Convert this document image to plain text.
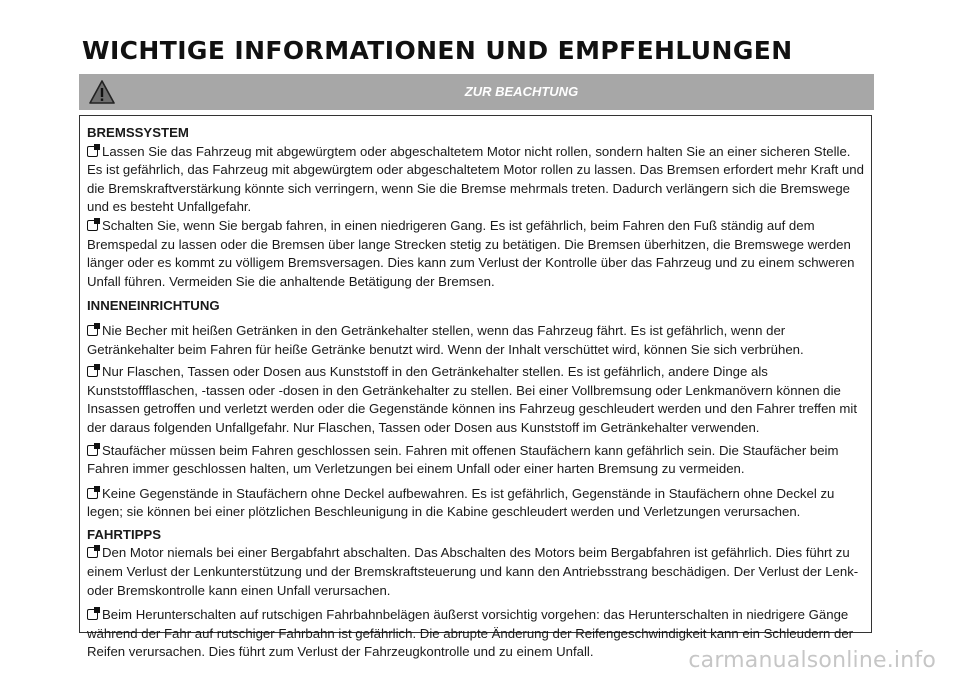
WICHTIGE INFORMATIONEN UND EMPFEHLUNGEN
ZUR BEACHTUNG
BREMSSYSTEM

Lassen Sie das Fahrzeug mit abgewürgtem oder abgeschaltetem Motor nicht rollen, sondern halten Sie an einer sicheren Stelle. Es ist gefährlich, das Fahrzeug mit abgewürgtem oder abgeschaltetem Motor rollen zu lassen. Das Bremsen erfordert mehr Kraft und die Bremskraftverstärkung könnte sich verringern, wenn Sie die Bremse mehrmals treten. Dadurch verlängern sich die Bremswege und es besteht Unfallgefahr.

Schalten Sie, wenn Sie bergab fahren, in einen niedrigeren Gang. Es ist gefährlich, beim Fahren den Fuß ständig auf dem Bremspedal zu lassen oder die Bremsen über lange Strecken stetig zu betätigen. Die Bremsen überhitzen, die Bremswege werden länger oder es kommt zu völligem Bremsversagen. Dies kann zum Verlust der Kontrolle über das Fahrzeug und zu einem schweren Unfall führen. Vermeiden Sie die anhaltende Betätigung der Bremsen.

INNENEINRICHTUNG

Nie Becher mit heißen Getränken in den Getränkehalter stellen, wenn das Fahrzeug fährt. Es ist gefährlich, wenn der Getränkehalter beim Fahren für heiße Getränke benutzt wird. Wenn der Inhalt verschüttet wird, können Sie sich verbrühen.

Nur Flaschen, Tassen oder Dosen aus Kunststoff in den Getränkehalter stellen. Es ist gefährlich, andere Dinge als Kunststoffflaschen, -tassen oder -dosen in den Getränkehalter zu stellen. Bei einer Vollbremsung oder Lenkmanövern können die Insassen getroffen und verletzt werden oder die Gegenstände können ins Fahrzeug geschleudert werden und den Fahrer treffen mit der daraus folgenden Unfallgefahr. Nur Flaschen, Tassen oder Dosen aus Kunststoff im Getränkehalter verwenden.

Staufächer müssen beim Fahren geschlossen sein. Fahren mit offenen Staufächern kann gefährlich sein. Die Staufächer beim Fahren immer geschlossen halten, um Verletzungen bei einem Unfall oder einer harten Bremsung zu vermeiden.

Keine Gegenstände in Staufächern ohne Deckel aufbewahren. Es ist gefährlich, Gegenstände in Staufächern ohne Deckel zu legen; sie können bei einer plötzlichen Beschleunigung in die Kabine geschleudert werden und Verletzungen verursachen.

FAHRTIPPS

Den Motor niemals bei einer Bergabfahrt abschalten. Das Abschalten des Motors beim Bergabfahren ist gefährlich. Dies führt zu einem Verlust der Lenkunterstützung und der Bremskraftsteuerung und kann den Antriebsstrang beschädigen. Der Verlust der Lenk- oder Bremskontrolle kann einen Unfall verursachen.

Beim Herunterschalten auf rutschigen Fahrbahnbelägen äußerst vorsichtig vorgehen: das Herunterschalten in niedrigere Gänge während der Fahr auf rutschiger Fahrbahn ist gefährlich. Die abrupte Änderung der Reifengeschwindigkeit kann ein Schleudern der Reifen verursachen. Dies führt zum Verlust der Fahrzeugkontrolle und zu einem Unfall.	carmanualsonline.info
